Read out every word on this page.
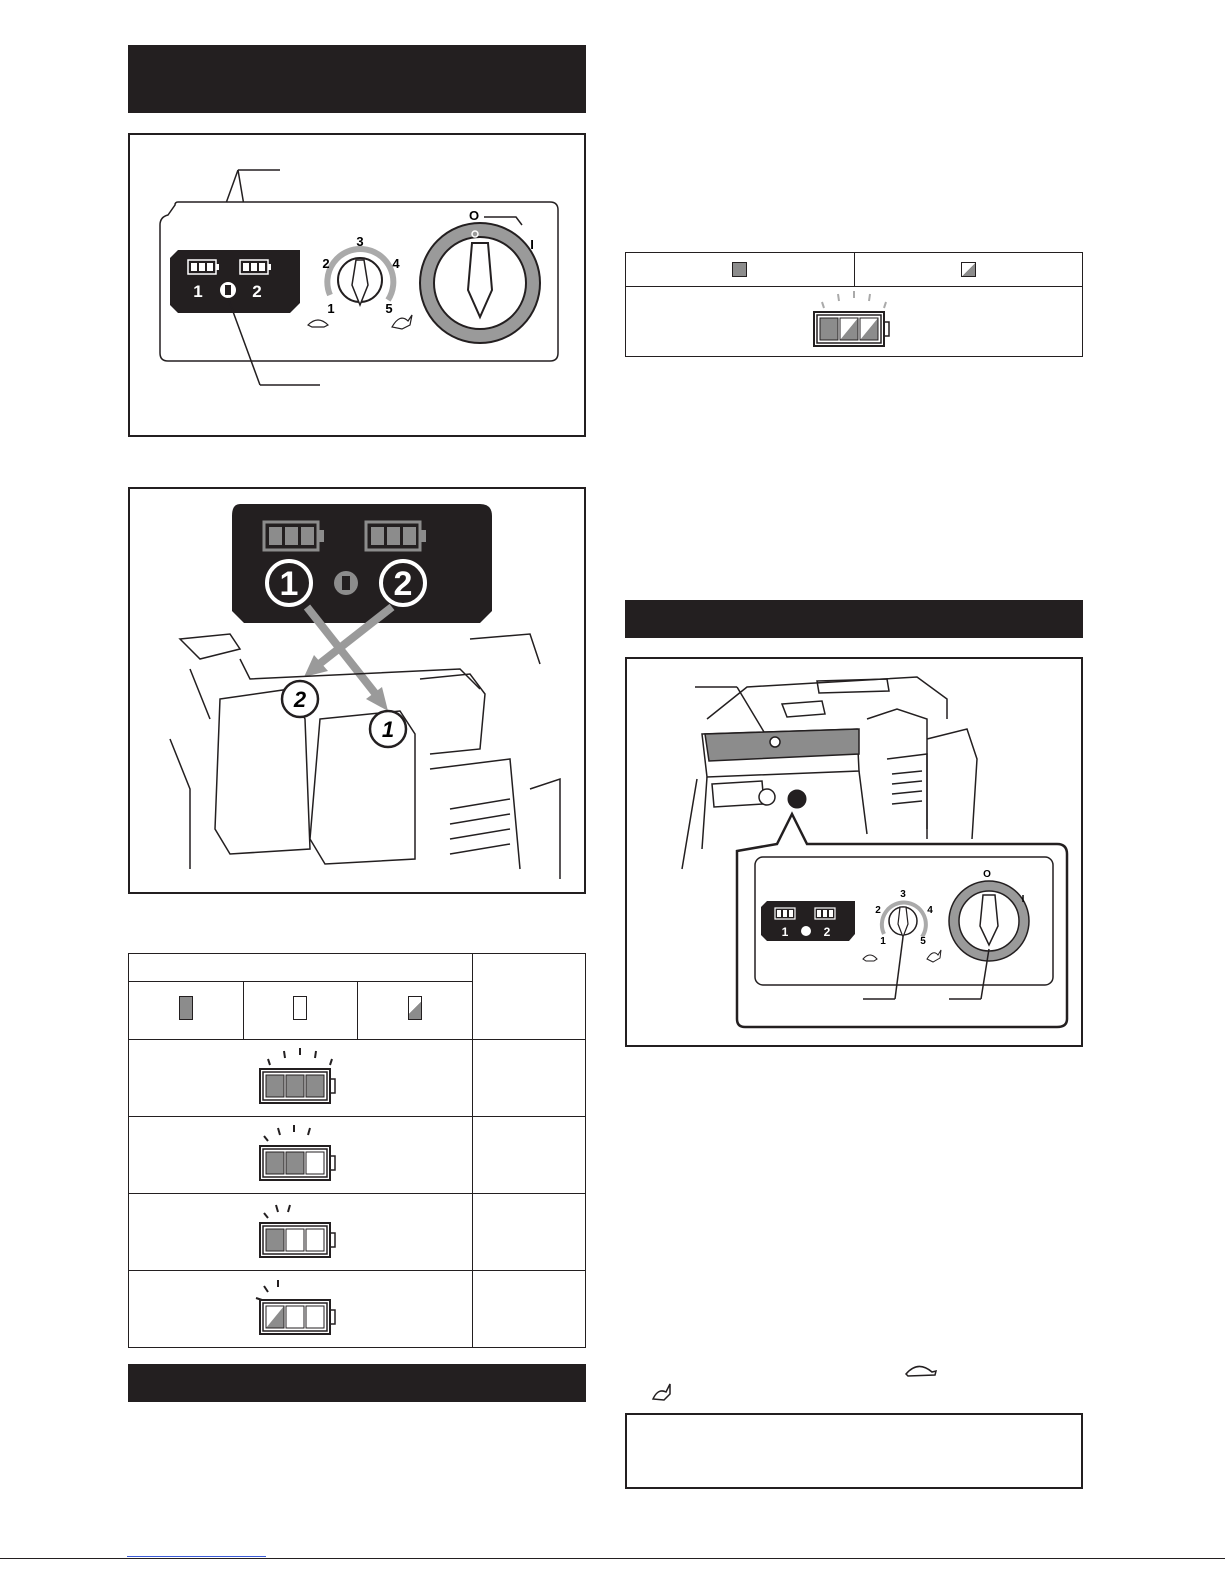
1	2
3
2	4
1	5
O
I
1	2
2
1

1	2
3
2	4
1	5
O
I
